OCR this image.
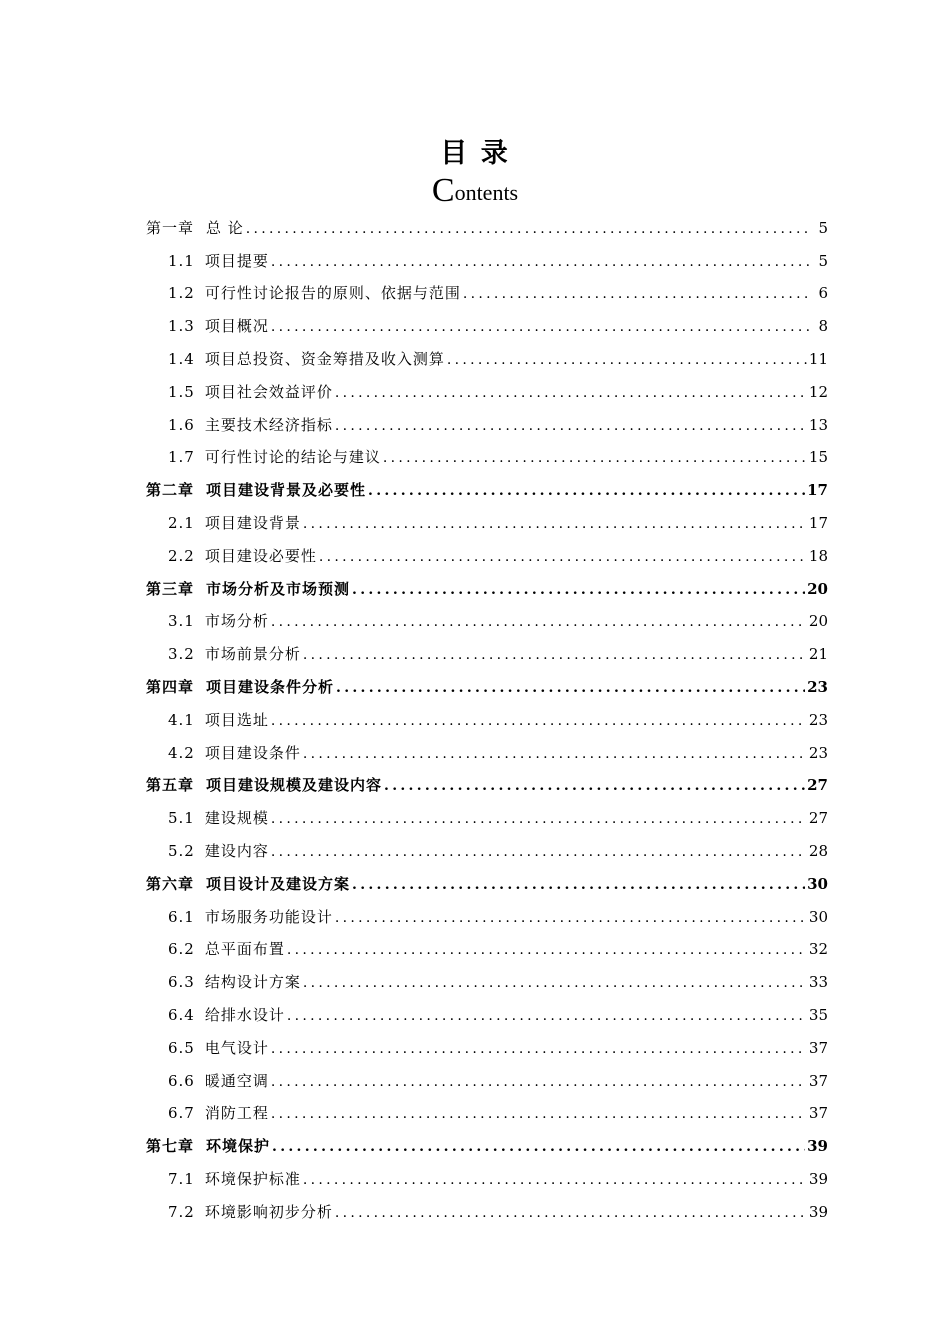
目 录
Contents
第一章 总 论 .....	5
1.1 项目提要 .....	5
1.2 可行性讨论报告的原则、依据与范围 .....	6
1.3 项目概况 .....	8
1.4 项目总投资、资金筹措及收入测算 .....	11
1.5 项目社会效益评价 .....	12
1.6 主要技术经济指标 .....	13
1.7 可行性讨论的结论与建议 .....	15
第二章 项目建设背景及必要性 .....	17
2.1 项目建设背景 .....	17
2.2 项目建设必要性 .....	18
第三章 市场分析及市场预测 .....	20
3.1 市场分析 .....	20
3.2 市场前景分析 .....	21
第四章 项目建设条件分析 .....	23
4.1 项目选址 .....	23
4.2 项目建设条件 .....	23
第五章 项目建设规模及建设内容 .....	27
5.1 建设规模 .....	27
5.2 建设内容 .....	28
第六章 项目设计及建设方案 .....	30
6.1 市场服务功能设计 .....	30
6.2 总平面布置 .....	32
6.3 结构设计方案 .....	33
6.4 给排水设计 .....	35
6.5 电气设计 .....	37
6.6 暖通空调 .....	37
6.7 消防工程 .....	37
第七章 环境保护 .....	39
7.1 环境保护标准 .....	39
7.2 环境影响初步分析 .....	39
